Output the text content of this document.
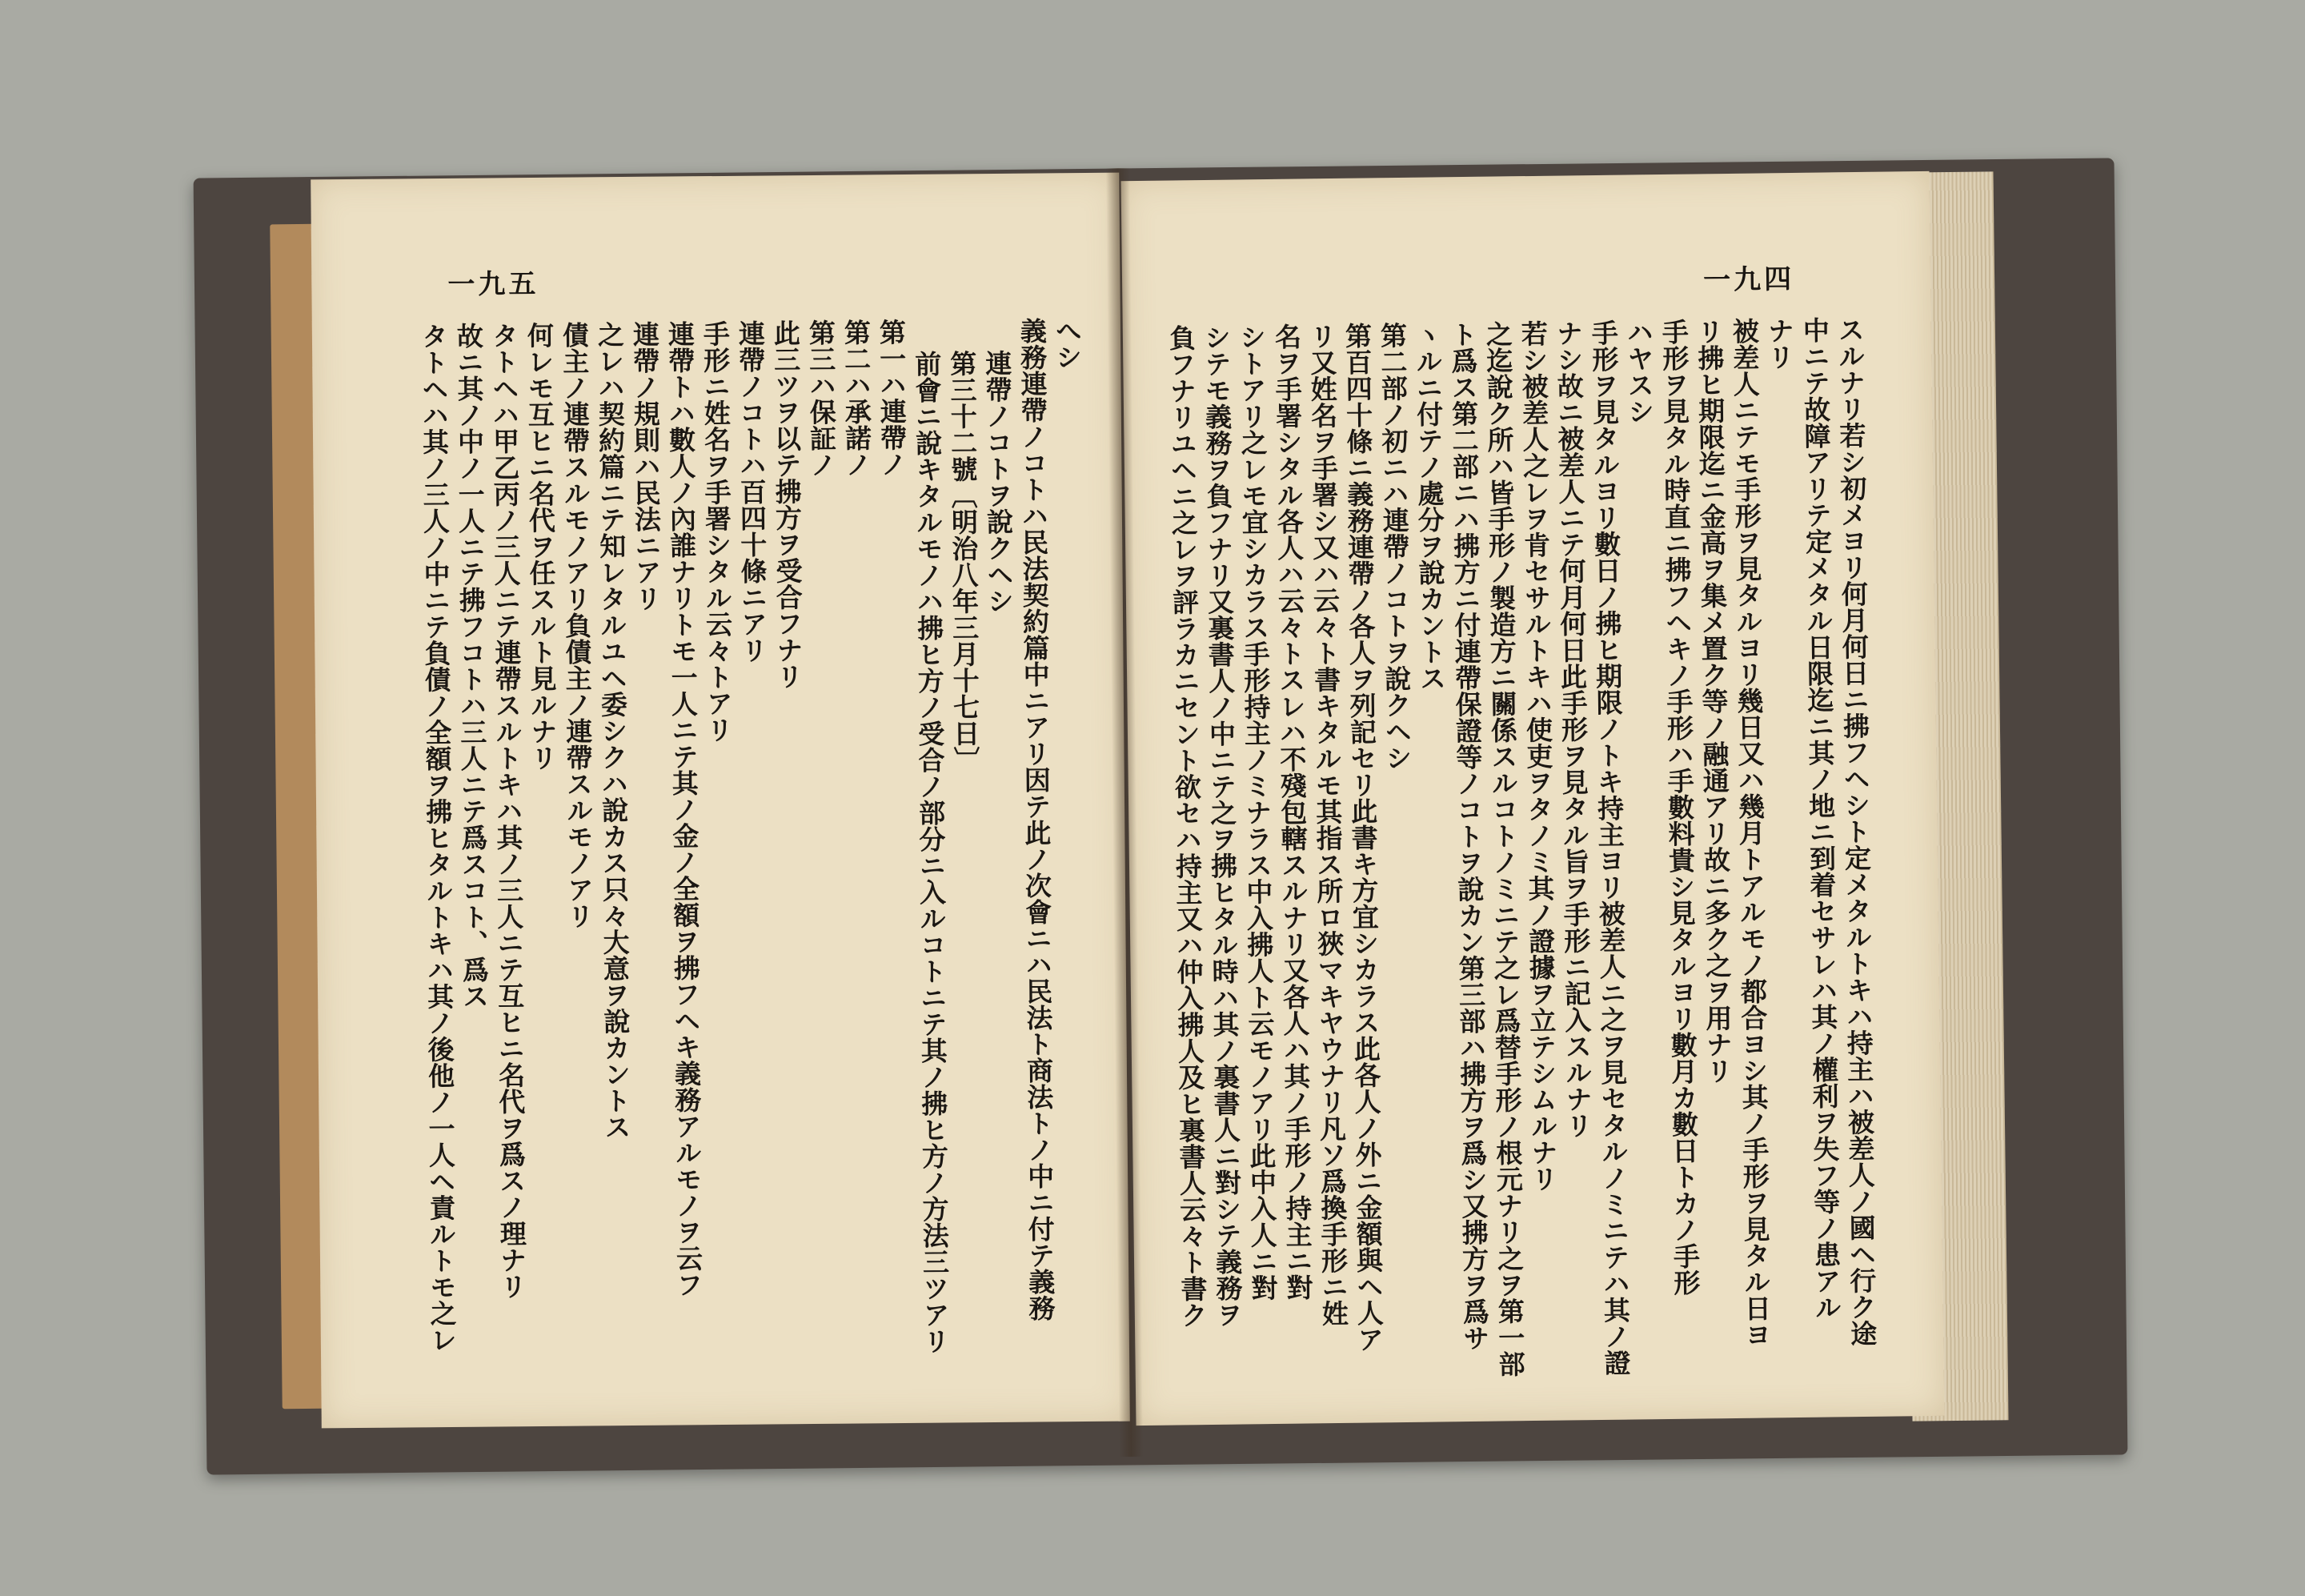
一九五
へシ
義務連帶ノコトハ民法契約篇中ニアリ因テ此ノ次會ニハ民法ト商法トノ中ニ付テ義務
連帶ノコトヲ說クヘシ
第三十二號〔明治八年三月十七日〕
前會ニ說キタルモノハ拂ヒ方ノ受合ノ部分ニ入ルコトニテ其ノ拂ヒ方ノ方法三ツアリ
第一ハ連帶ノ
第二ハ承諾ノ
第三ハ保証ノ
此三ツヲ以テ拂方ヲ受合フナリ
連帶ノコトハ百四十條ニアリ
手形ニ姓名ヲ手署シタル云々トアリ
連帶トハ數人ノ內誰ナリトモ一人ニテ其ノ金ノ全額ヲ拂フヘキ義務アルモノヲ云フ
連帶ノ規則ハ民法ニアリ
之レハ契約篇ニテ知レタルユヘ委シクハ說カス只々大意ヲ說カントス
債主ノ連帶スルモノアリ負債主ノ連帶スルモノアリ
何レモ互ヒニ名代ヲ任スルト見ルナリ
タトヘハ甲乙丙ノ三人ニテ連帶スルトキハ其ノ三人ニテ互ヒニ名代ヲ爲スノ理ナリ
故ニ其ノ中ノ一人ニテ拂フコトハ三人ニテ爲スコト、爲ス
タトヘハ其ノ三人ノ中ニテ負債ノ全額ヲ拂ヒタルトキハ其ノ後他ノ一人ヘ責ルトモ之レ
一九四
スルナリ若シ初メヨリ何月何日ニ拂フヘシト定メタルトキハ持主ハ被差人ノ國ヘ行ク途
中ニテ故障アリテ定メタル日限迄ニ其ノ地ニ到着セサレハ其ノ權利ヲ失フ等ノ患アル
ナリ
被差人ニテモ手形ヲ見タルヨリ幾日又ハ幾月トアルモノ都合ヨシ其ノ手形ヲ見タル日ヨ
リ拂ヒ期限迄ニ金高ヲ集メ置ク等ノ融通アリ故ニ多ク之ヲ用ナリ
手形ヲ見タル時直ニ拂フヘキノ手形ハ手數料貴シ見タルヨリ數月カ數日トカノ手形
ハヤスシ
手形ヲ見タルヨリ數日ノ拂ヒ期限ノトキ持主ヨリ被差人ニ之ヲ見セタルノミニテハ其ノ證
ナシ故ニ被差人ニテ何月何日此手形ヲ見タル旨ヲ手形ニ記入スルナリ
若シ被差人之レヲ肯セサルトキハ使吏ヲタノミ其ノ證據ヲ立テシムルナリ
之迄說ク所ハ皆手形ノ製造方ニ關係スルコトノミニテ之レ爲替手形ノ根元ナリ之ヲ第一部
ト爲ス第二部ニハ拂方ニ付連帶保證等ノコトヲ說カン第三部ハ拂方ヲ爲シ又拂方ヲ爲サ
ヽルニ付テノ處分ヲ說カントス
第二部ノ初ニハ連帶ノコトヲ說クヘシ
第百四十條ニ義務連帶ノ各人ヲ列記セリ此書キ方宜シカラス此各人ノ外ニ金額與ヘ人ア
リ又姓名ヲ手署シ又ハ云々ト書キタルモ其指ス所ロ狹マキヤウナリ凡ソ爲換手形ニ姓
名ヲ手署シタル各人ハ云々トスレハ不殘包轄スルナリ又各人ハ其ノ手形ノ持主ニ對
シトアリ之レモ宜シカラス手形持主ノミナラス中入拂人ト云モノアリ此中入人ニ對
シテモ義務ヲ負フナリ又裏書人ノ中ニテ之ヲ拂ヒタル時ハ其ノ裏書人ニ對シテ義務ヲ
負フナリユヘニ之レヲ評ラカニセント欲セハ持主又ハ仲入拂人及ヒ裏書人云々ト書ク
